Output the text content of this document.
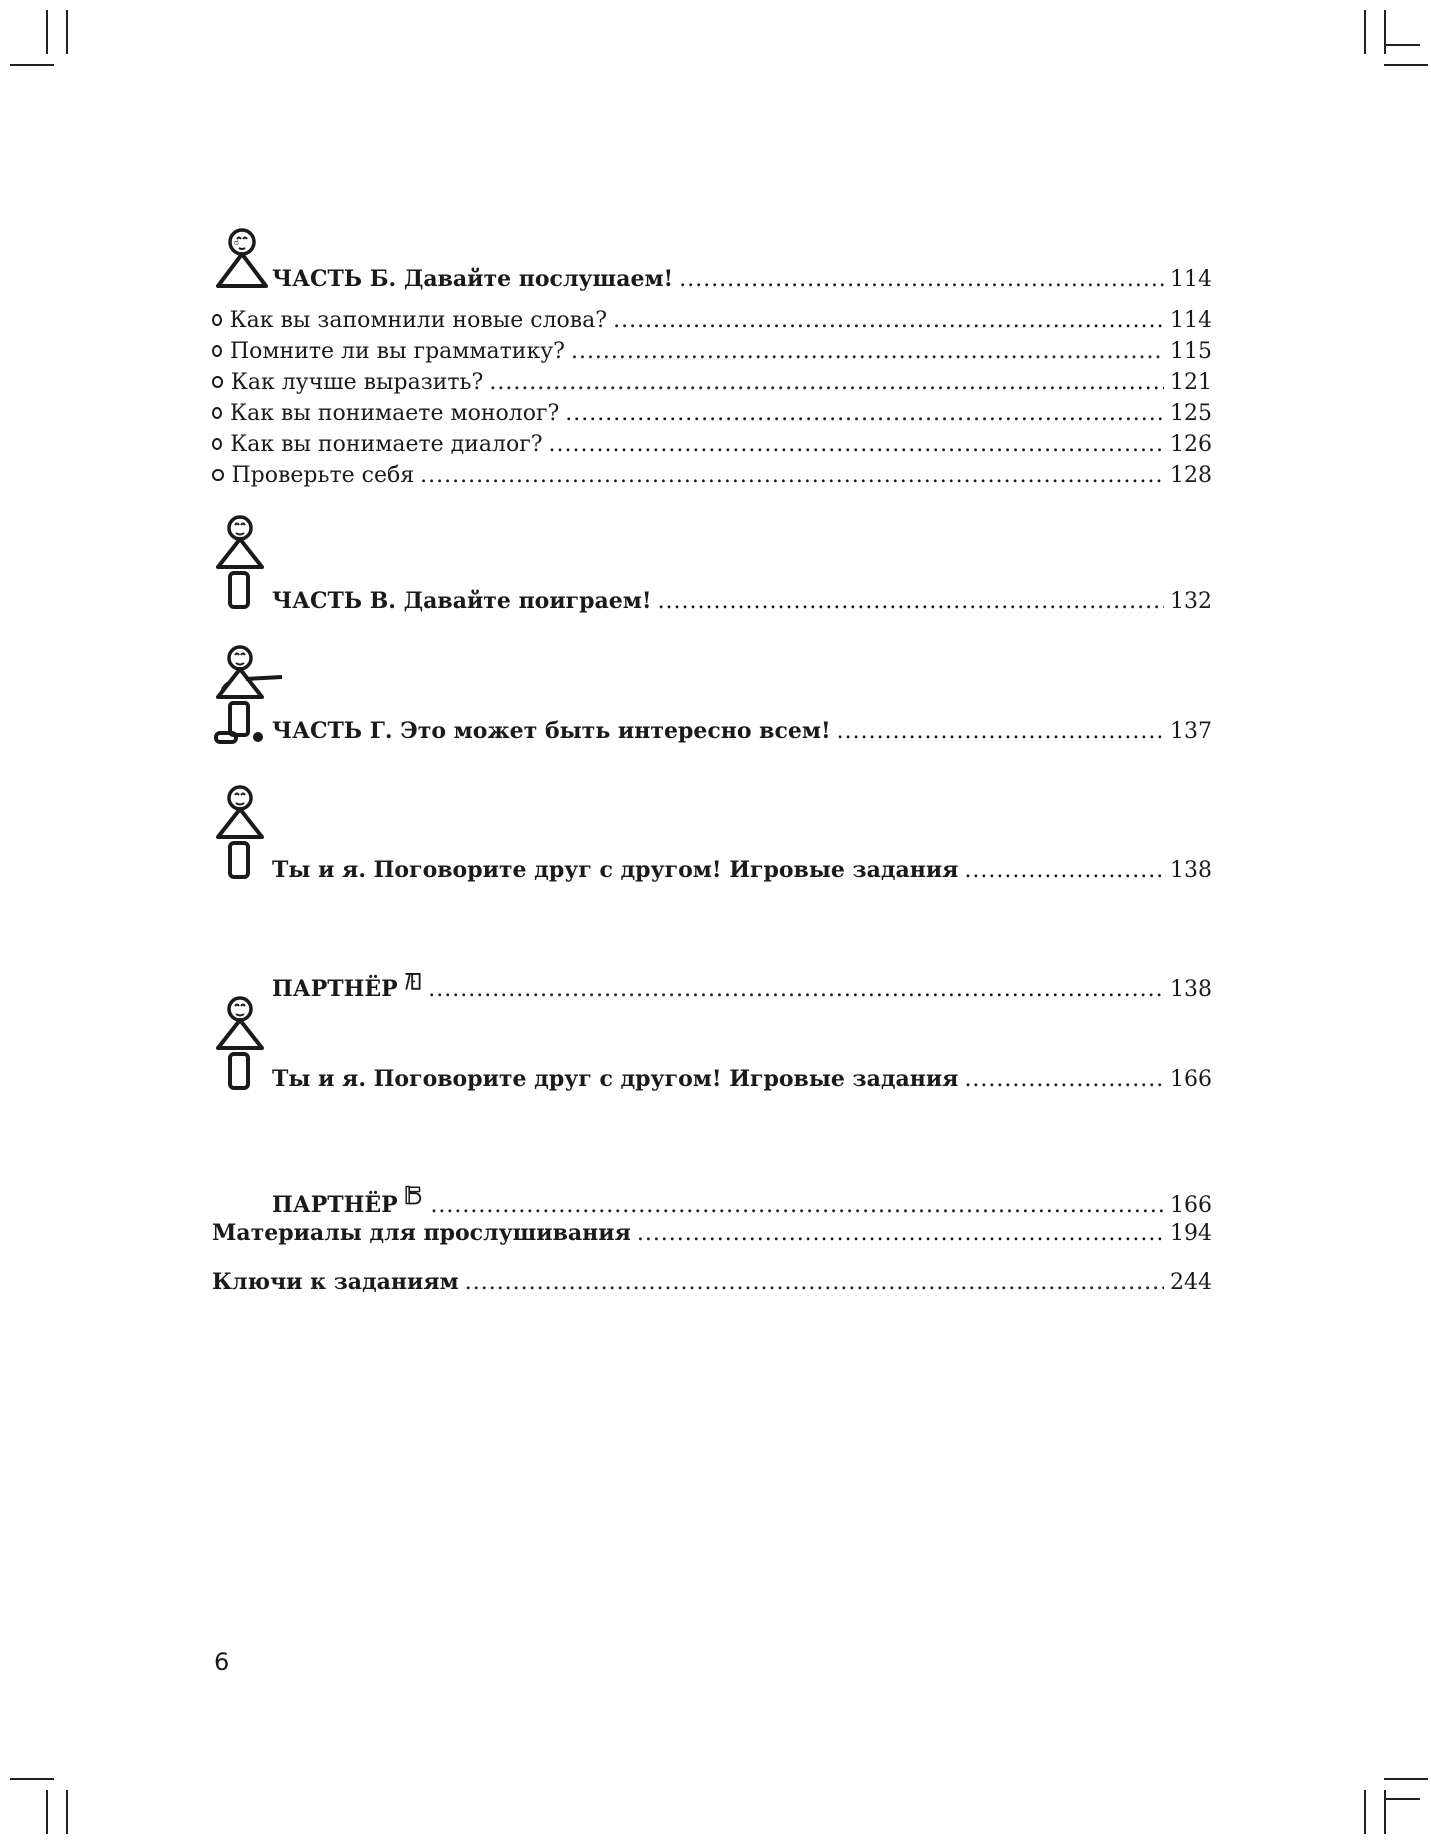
ಠ
ЧАСТЬ Б. Давайте послушаем! .....	114
Как вы запомнили новые слова? .....	114
Помните ли вы грамматику? .....	115
Как лучше выразить? .....	121
Как вы понимаете монолог? .....	125
Как вы понимаете диалог? .....	126
Проверьте себя .....	128
ЧАСТЬ В. Давайте поиграем! .....	132
ЧАСТЬ Г. Это может быть интересно всем! .....	137
Ты и я. Поговорите друг с другом! Игровые задания .....	138
ПАРТНЁР .....	138
Ты и я. Поговорите друг с другом! Игровые задания .....	166
ПАРТНЁР .....	166
Материалы для прослушивания .....	194
Ключи к заданиям .....	244
6
